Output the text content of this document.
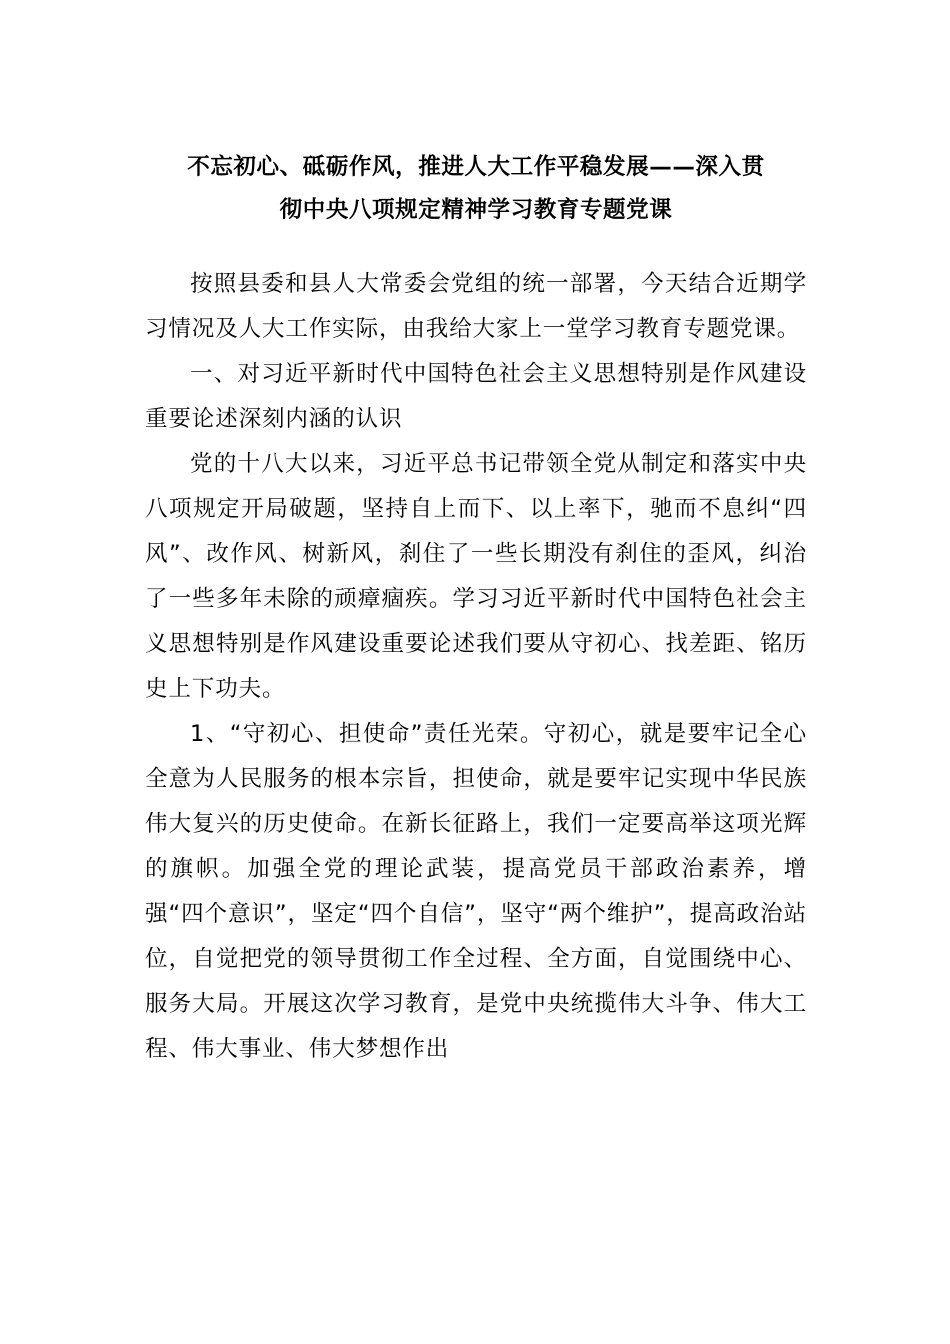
不忘初心、砥砺作风，推进人大工作平稳发展——深入贯
彻中央八项规定精神学习教育专题党课

按照县委和县人大常委会党组的统一部署，今天结合近期学习情况及人大工作实际，由我给大家上一堂学习教育专题党课。

一、对习近平新时代中国特色社会主义思想特别是作风建设重要论述深刻内涵的认识

党的十八大以来，习近平总书记带领全党从制定和落实中央八项规定开局破题，坚持自上而下、以上率下，驰而不息纠“四风”、改作风、树新风，刹住了一些长期没有刹住的歪风，纠治了一些多年未除的顽瘴痼疾。学习习近平新时代中国特色社会主义思想特别是作风建设重要论述我们要从守初心、找差距、铭历史上下功夫。

1、“守初心、担使命”责任光荣。守初心，就是要牢记全心全意为人民服务的根本宗旨，担使命，就是要牢记实现中华民族伟大复兴的历史使命。在新长征路上，我们一定要高举这项光辉的旗帜。加强全党的理论武装，提高党员干部政治素养，增强“四个意识”，坚定“四个自信”，坚守“两个维护”，提高政治站位，自觉把党的领导贯彻工作全过程、全方面，自觉围绕中心、服务大局。开展这次学习教育，是党中央统揽伟大斗争、伟大工程、伟大事业、伟大梦想作出
